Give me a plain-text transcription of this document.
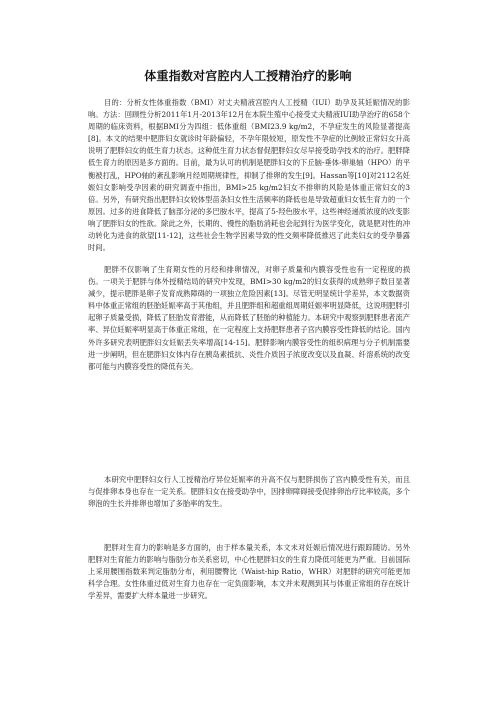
体重指数对宫腔内人工授精治疗的影响

目的：分析女性体重指数（BMI）对丈夫精液宫腔内人工授精（IUI）助孕及其妊娠情况的影响。方法：回顾性分析2011年1月-2013年12月在本院生殖中心接受丈夫精液IUI助孕治疗的658个周期的临床资料，根据BMI分为四组：低体重组（BMI23.9 kg/m2，不孕症发生的风险显著提高[8]。本文的结果中肥胖妇女就诊时年龄偏轻，不孕年限较短，原发性不孕症的比例较正常妇女升高说明了肥胖妇女的低生育力状态。这种低生育力状态督促肥胖妇女尽早接受助孕技术的治疗。肥胖降低生育力的原因是多方面的。目前，最为认可的机制是肥胖妇女的下丘脑-垂体-卵巢轴（HPO）的平衡被打乱，HPO轴的紊乱影响月经周期规律性，抑制了排卵的发生[9]。Hassan等[10]对2112名妊娠妇女影响受孕因素的研究调查中指出，BMI>25 kg/m2妇女不排卵的风险是体重正常妇女的3倍。另外，有研究指出肥胖妇女较体型苗条妇女性生活频率的降低也是导致超重妇女低生育力的一个原因。过多的进食降低了脑部分泌的多巴胺水平，提高了5-羟色胺水平，这些神经递质浓度的改变影响了肥胖妇女的性欲。除此之外，长期的、慢性的脂肪消耗也会起到行为医学变化，就是肥对性的冲动转化为进食的欲望[11-12]，这些社会生物学因素导致的性交频率降低推迟了此类妇女的受孕暴露时间。

肥胖不仅影响了生育期女性的月经和排卵情况，对卵子质量和内膜容受性也有一定程度的损伤。一项关于肥胖与体外授精结局的研究中发现，BMI>30 kg/m2的妇女获得的成熟卵子数目显著减少，提示肥胖是卵子发育成熟障碍的一项独立危险因素[13]。尽管无明显统计学差异，本文数据资料中体重正常组的胚胎妊娠率高于其他组，并且肥胖组和超重组周期妊娠率明显降低，这说明肥胖引起卵子质量受损，降低了胚胎发育潜能，从而降低了胚胎的种植能力。本研究中观察到肥胖患者流产率、异位妊娠率明显高于体重正常组，在一定程度上支持肥胖患者子宫内膜容受性降低的结论。国内外许多研究表明肥胖妇女妊娠丢失率增高[14-15]。肥胖影响内膜容受性的组织病理与分子机制需要进一步阐明，但在肥胖妇女体内存在胰岛素抵抗、炎性介质因子浓度改变以及血凝、纤溶系统的改变都可能与内膜容受性的降低有关。

本研究中肥胖妇女行人工授精治疗异位妊娠率的升高不仅与肥胖损伤了宫内膜受性有关，而且与促排卵本身也存在一定关系。肥胖妇女在接受助孕中，因排卵障碍接受促排卵治疗比率较高，多个卵泡的生长并排卵也增加了多胎率的发生。

肥胖对生育力的影响是多方面的，由于样本量关系，本文未对妊娠后情况进行跟踪随访。另外肥胖对生育能力的影响与脂肪分布关系密切，中心性肥胖妇女的生育力降低可能更为严重。目前国际上采用腰围指数来判定脂肪分布，利用腰臀比（Waist-hip Ratio，WHR）对肥胖的研究可能更加科学合理。女性体重过低对生育力也存在一定负面影响，本文并未观测到其与体重正常组的存在统计学差异，需要扩大样本量进一步研究。
